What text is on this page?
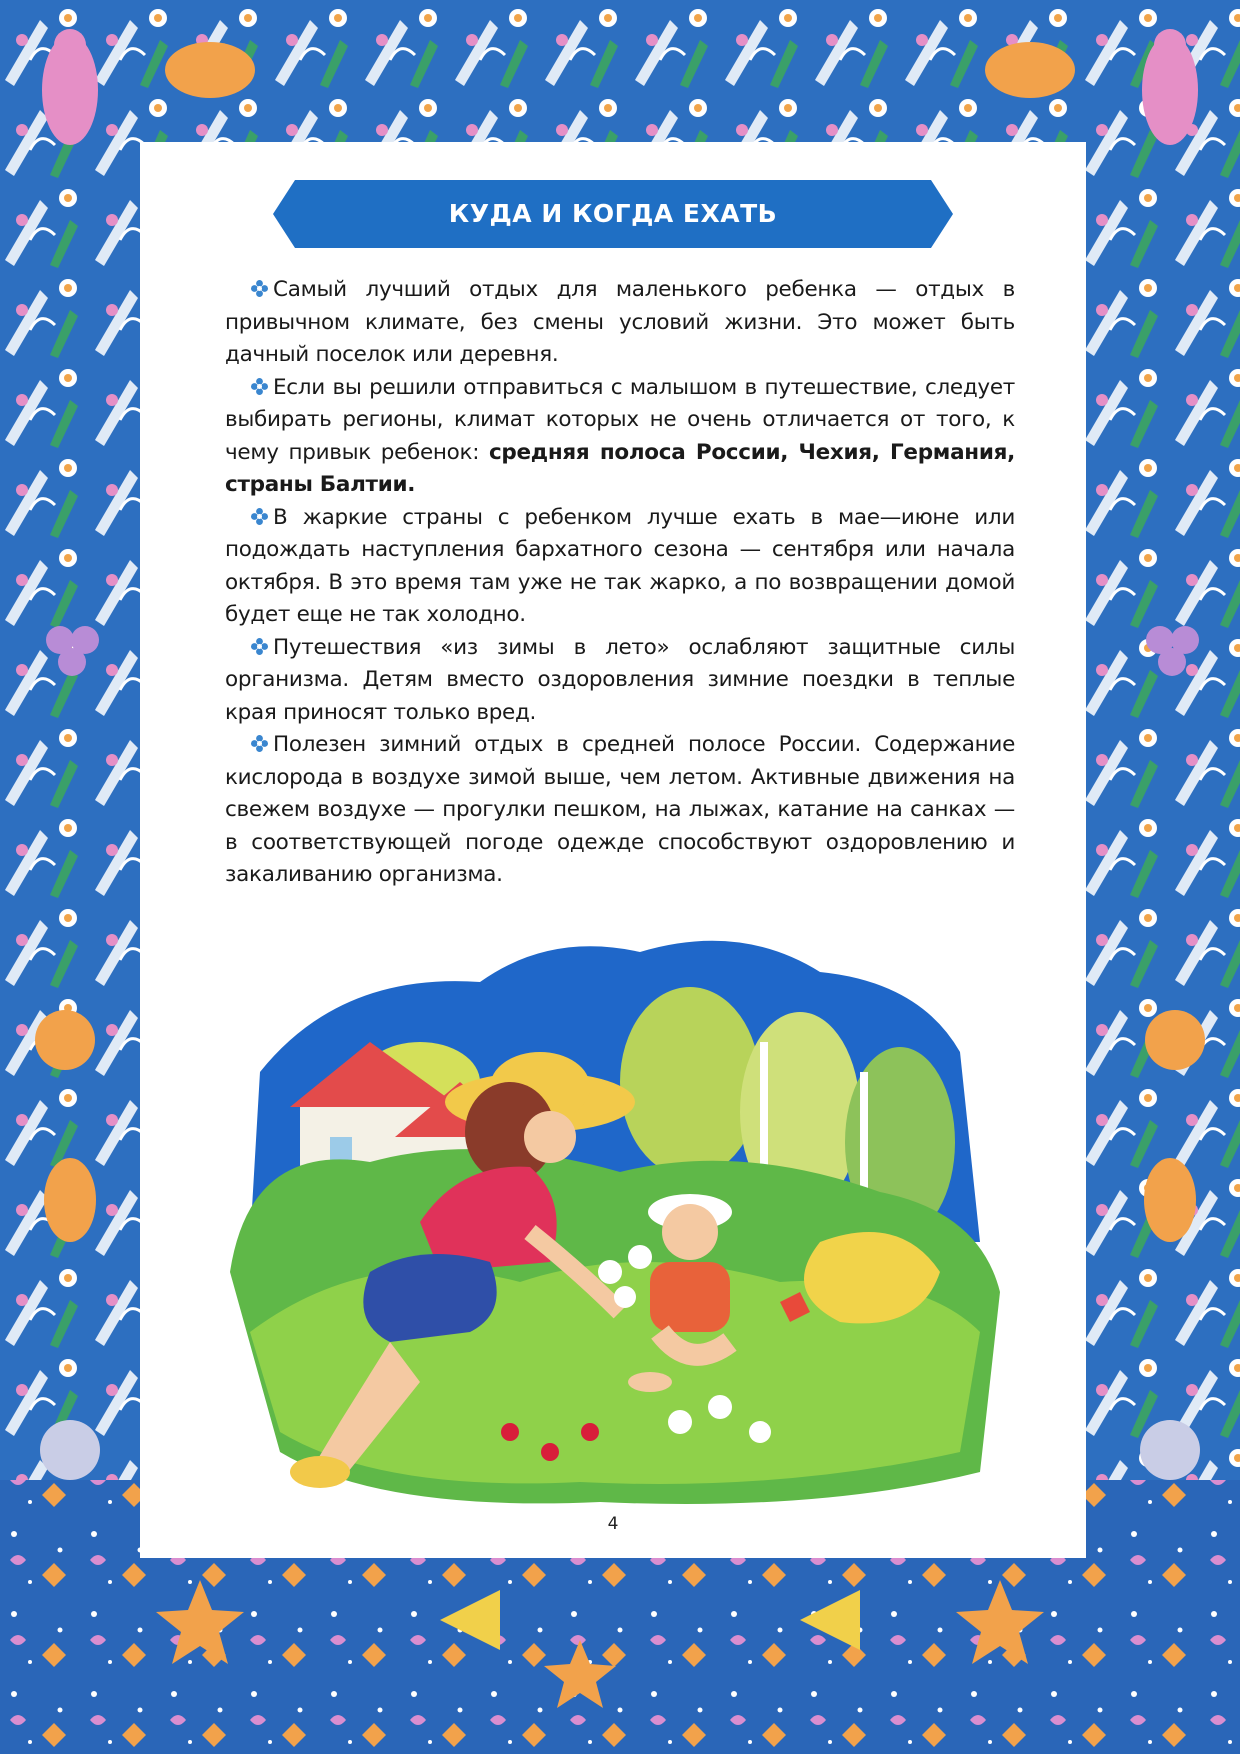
КУДА И КОГДА ЕХАТЬ

Самый лучший отдых для маленького ребенка — отдых в привычном климате, без смены условий жизни. Это может быть дачный поселок или деревня.

Если вы решили отправиться с малышом в путешествие, следует выбирать регионы, климат которых не очень отличается от того, к чему привык ребенок: средняя полоса России, Чехия, Германия, страны Балтии.

В жаркие страны с ребенком лучше ехать в мае—июне или подождать наступления бархатного сезона — сентября или начала октября. В это время там уже не так жарко, а по возвращении домой будет еще не так холодно.

Путешествия «из зимы в лето» ослабляют защитные силы организма. Детям вместо оздоровления зимние поездки в теплые края приносят только вред.

Полезен зимний отдых в средней полосе России. Содержание кислорода в воздухе зимой выше, чем летом. Активные движения на свежем воздухе — прогулки пешком, на лыжах, катание на санках — в соответствующей погоде одежде способствуют оздоровлению и закаливанию организма.

4
